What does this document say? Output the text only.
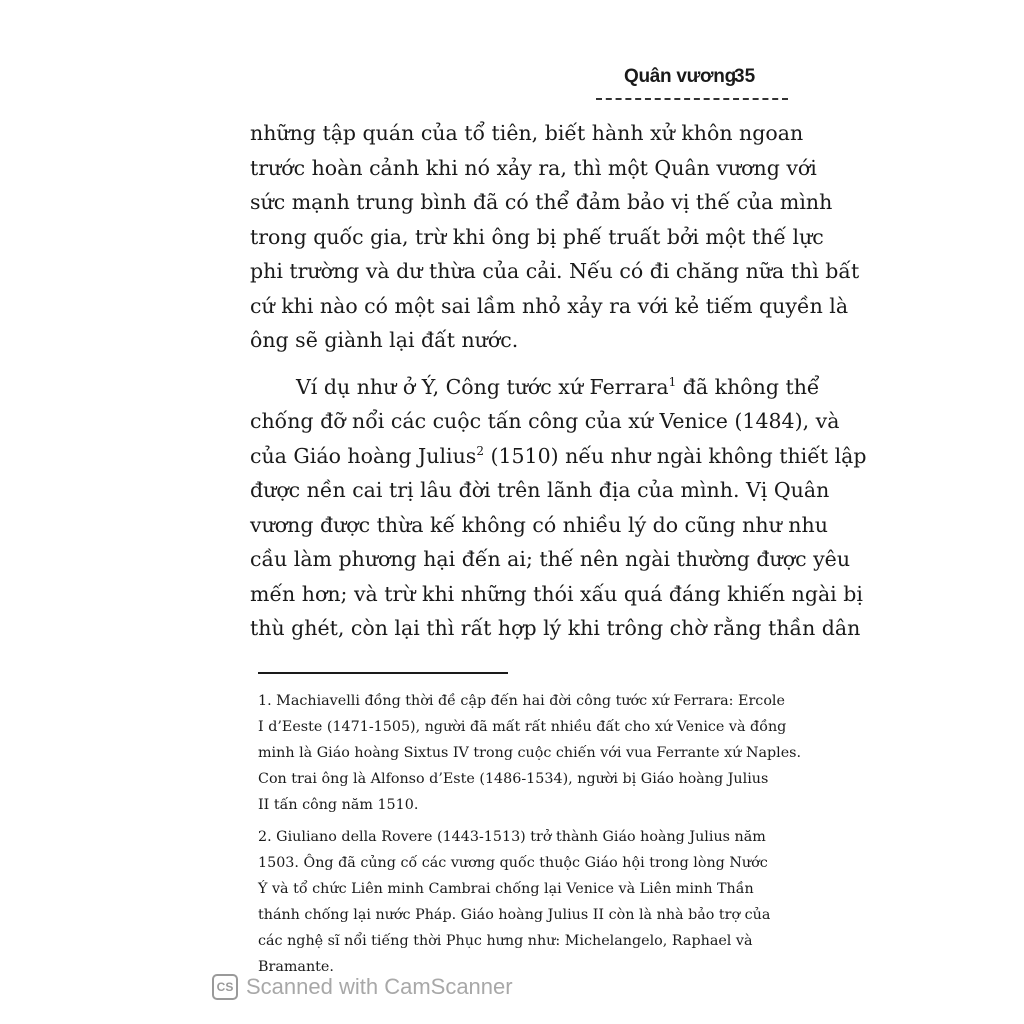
Quân vương
35
những tập quán của tổ tiên, biết hành xử khôn ngoan
trước hoàn cảnh khi nó xảy ra, thì một Quân vương với
sức mạnh trung bình đã có thể đảm bảo vị thế của mình
trong quốc gia, trừ khi ông bị phế truất bởi một thế lực
phi trường và dư thừa của cải. Nếu có đi chăng nữa thì bất
cứ khi nào có một sai lầm nhỏ xảy ra với kẻ tiếm quyền là
ông sẽ giành lại đất nước.
Ví dụ như ở Ý, Công tước xứ Ferrara$^1$ đã không thể
chống đỡ nổi các cuộc tấn công của xứ Venice (1484), và
của Giáo hoàng Julius$^2$ (1510) nếu như ngài không thiết lập
được nền cai trị lâu đời trên lãnh địa của mình. Vị Quân
vương được thừa kế không có nhiều lý do cũng như nhu
cầu làm phương hại đến ai; thế nên ngài thường được yêu
mến hơn; và trừ khi những thói xấu quá đáng khiến ngài bị
thù ghét, còn lại thì rất hợp lý khi trông chờ rằng thần dân
1. Machiavelli đồng thời đề cập đến hai đời công tước xứ Ferrara: Ercole
I d’Eeste (1471-1505), người đã mất rất nhiều đất cho xứ Venice và đồng
minh là Giáo hoàng Sixtus IV trong cuộc chiến với vua Ferrante xứ Naples.
Con trai ông là Alfonso d’Este (1486-1534), người bị Giáo hoàng Julius
II tấn công năm 1510.
2. Giuliano della Rovere (1443-1513) trở thành Giáo hoàng Julius năm
1503. Ông đã củng cố các vương quốc thuộc Giáo hội trong lòng Nước
Ý và tổ chức Liên minh Cambrai chống lại Venice và Liên minh Thần
thánh chống lại nước Pháp. Giáo hoàng Julius II còn là nhà bảo trợ của
các nghệ sĩ nổi tiếng thời Phục hưng như: Michelangelo, Raphael và
Bramante.
CS Scanned with CamScanner
